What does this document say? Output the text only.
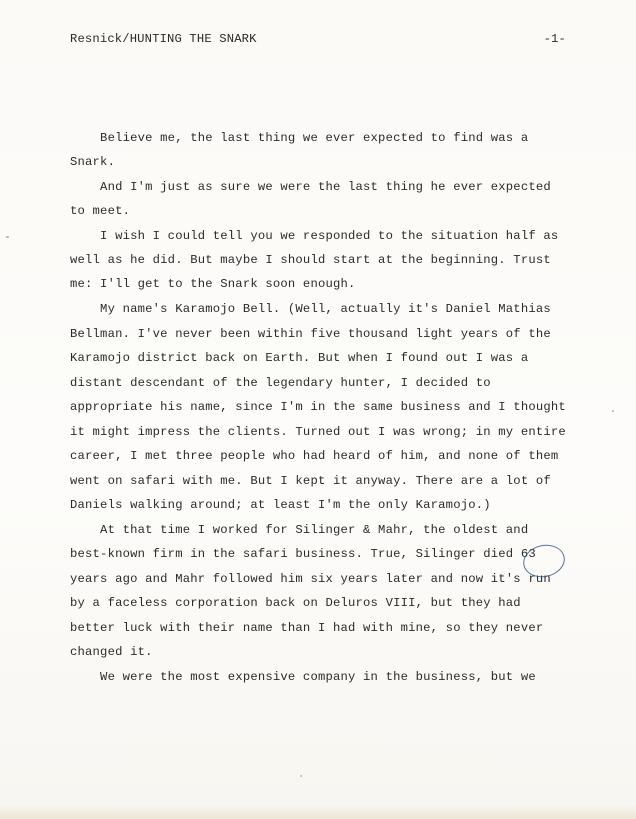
Resnick/HUNTING THE SNARK	-1-
Believe me, the last thing we ever expected to find was a
Snark.
And I'm just as sure we were the last thing he ever expected
to meet.
I wish I could tell you we responded to the situation half as
well as he did. But maybe I should start at the beginning. Trust
me: I'll get to the Snark soon enough.
My name's Karamojo Bell. (Well, actually it's Daniel Mathias
Bellman. I've never been within five thousand light years of the
Karamojo district back on Earth. But when I found out I was a
distant descendant of the legendary hunter, I decided to
appropriate his name, since I'm in the same business and I thought
it might impress the clients. Turned out I was wrong; in my entire
career, I met three people who had heard of him, and none of them
went on safari with me. But I kept it anyway. There are a lot of
Daniels walking around; at least I'm the only Karamojo.)
At that time I worked for Silinger & Mahr, the oldest and
best-known firm in the safari business. True, Silinger died 63
years ago and Mahr followed him six years later and now it's run
by a faceless corporation back on Deluros VIII, but they had
better luck with their name than I had with mine, so they never
changed it.
We were the most expensive company in the business, but we
